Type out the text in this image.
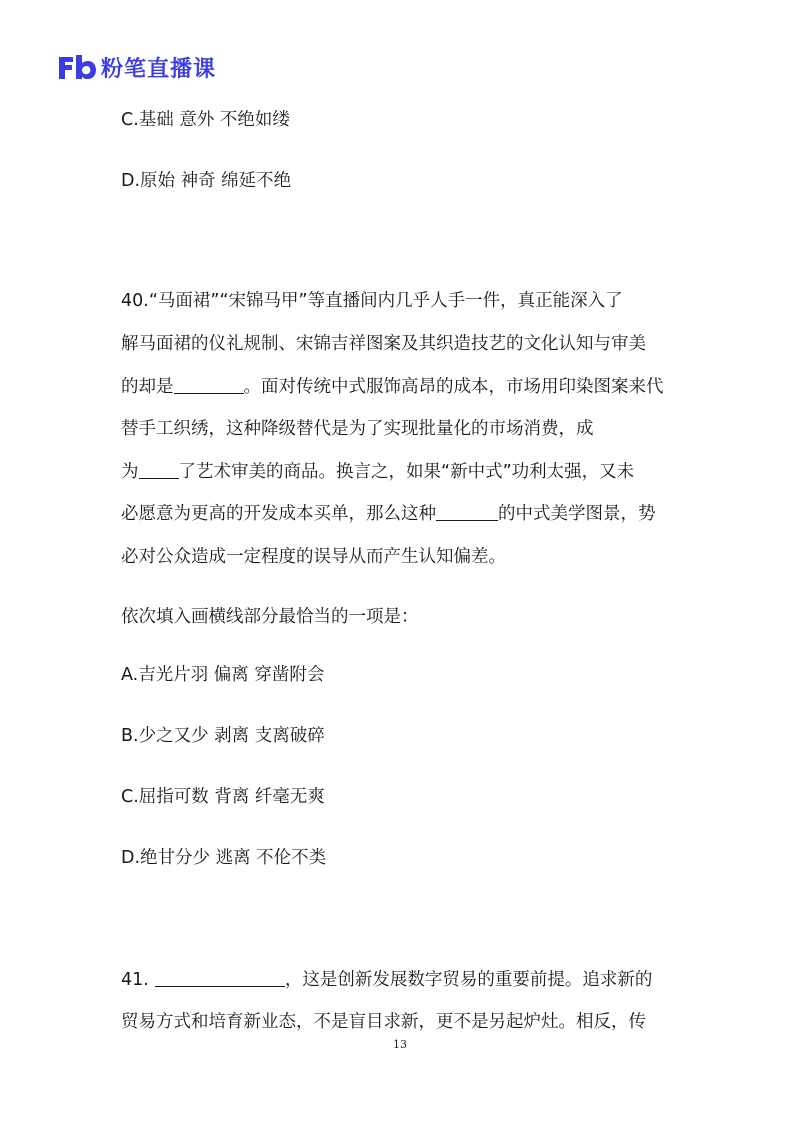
粉笔直播课
C.基础 意外 不绝如缕
D.原始 神奇 绵延不绝
40.“马面裙”“宋锦马甲”等直播间内几乎人手一件，真正能深入了
解马面裙的仪礼规制、宋锦吉祥图案及其织造技艺的文化认知与审美
的却是	。面对传统中式服饰高昂的成本，市场用印染图案来代
替手工织绣，这种降级替代是为了实现批量化的市场消费，成
为 了艺术审美的商品。换言之，如果“新中式”功利太强，又未
必愿意为更高的开发成本买单，那么这种	的中式美学图景，势
必对公众造成一定程度的误导从而产生认知偏差。
依次填入画横线部分最恰当的一项是：
A.吉光片羽 偏离 穿凿附会
B.少之又少 剥离 支离破碎
C.屈指可数 背离 纤毫无爽
D.绝甘分少 逃离 不伦不类
41.	，这是创新发展数字贸易的重要前提。追求新的
贸易方式和培育新业态，不是盲目求新，更不是另起炉灶。相反，传
13
